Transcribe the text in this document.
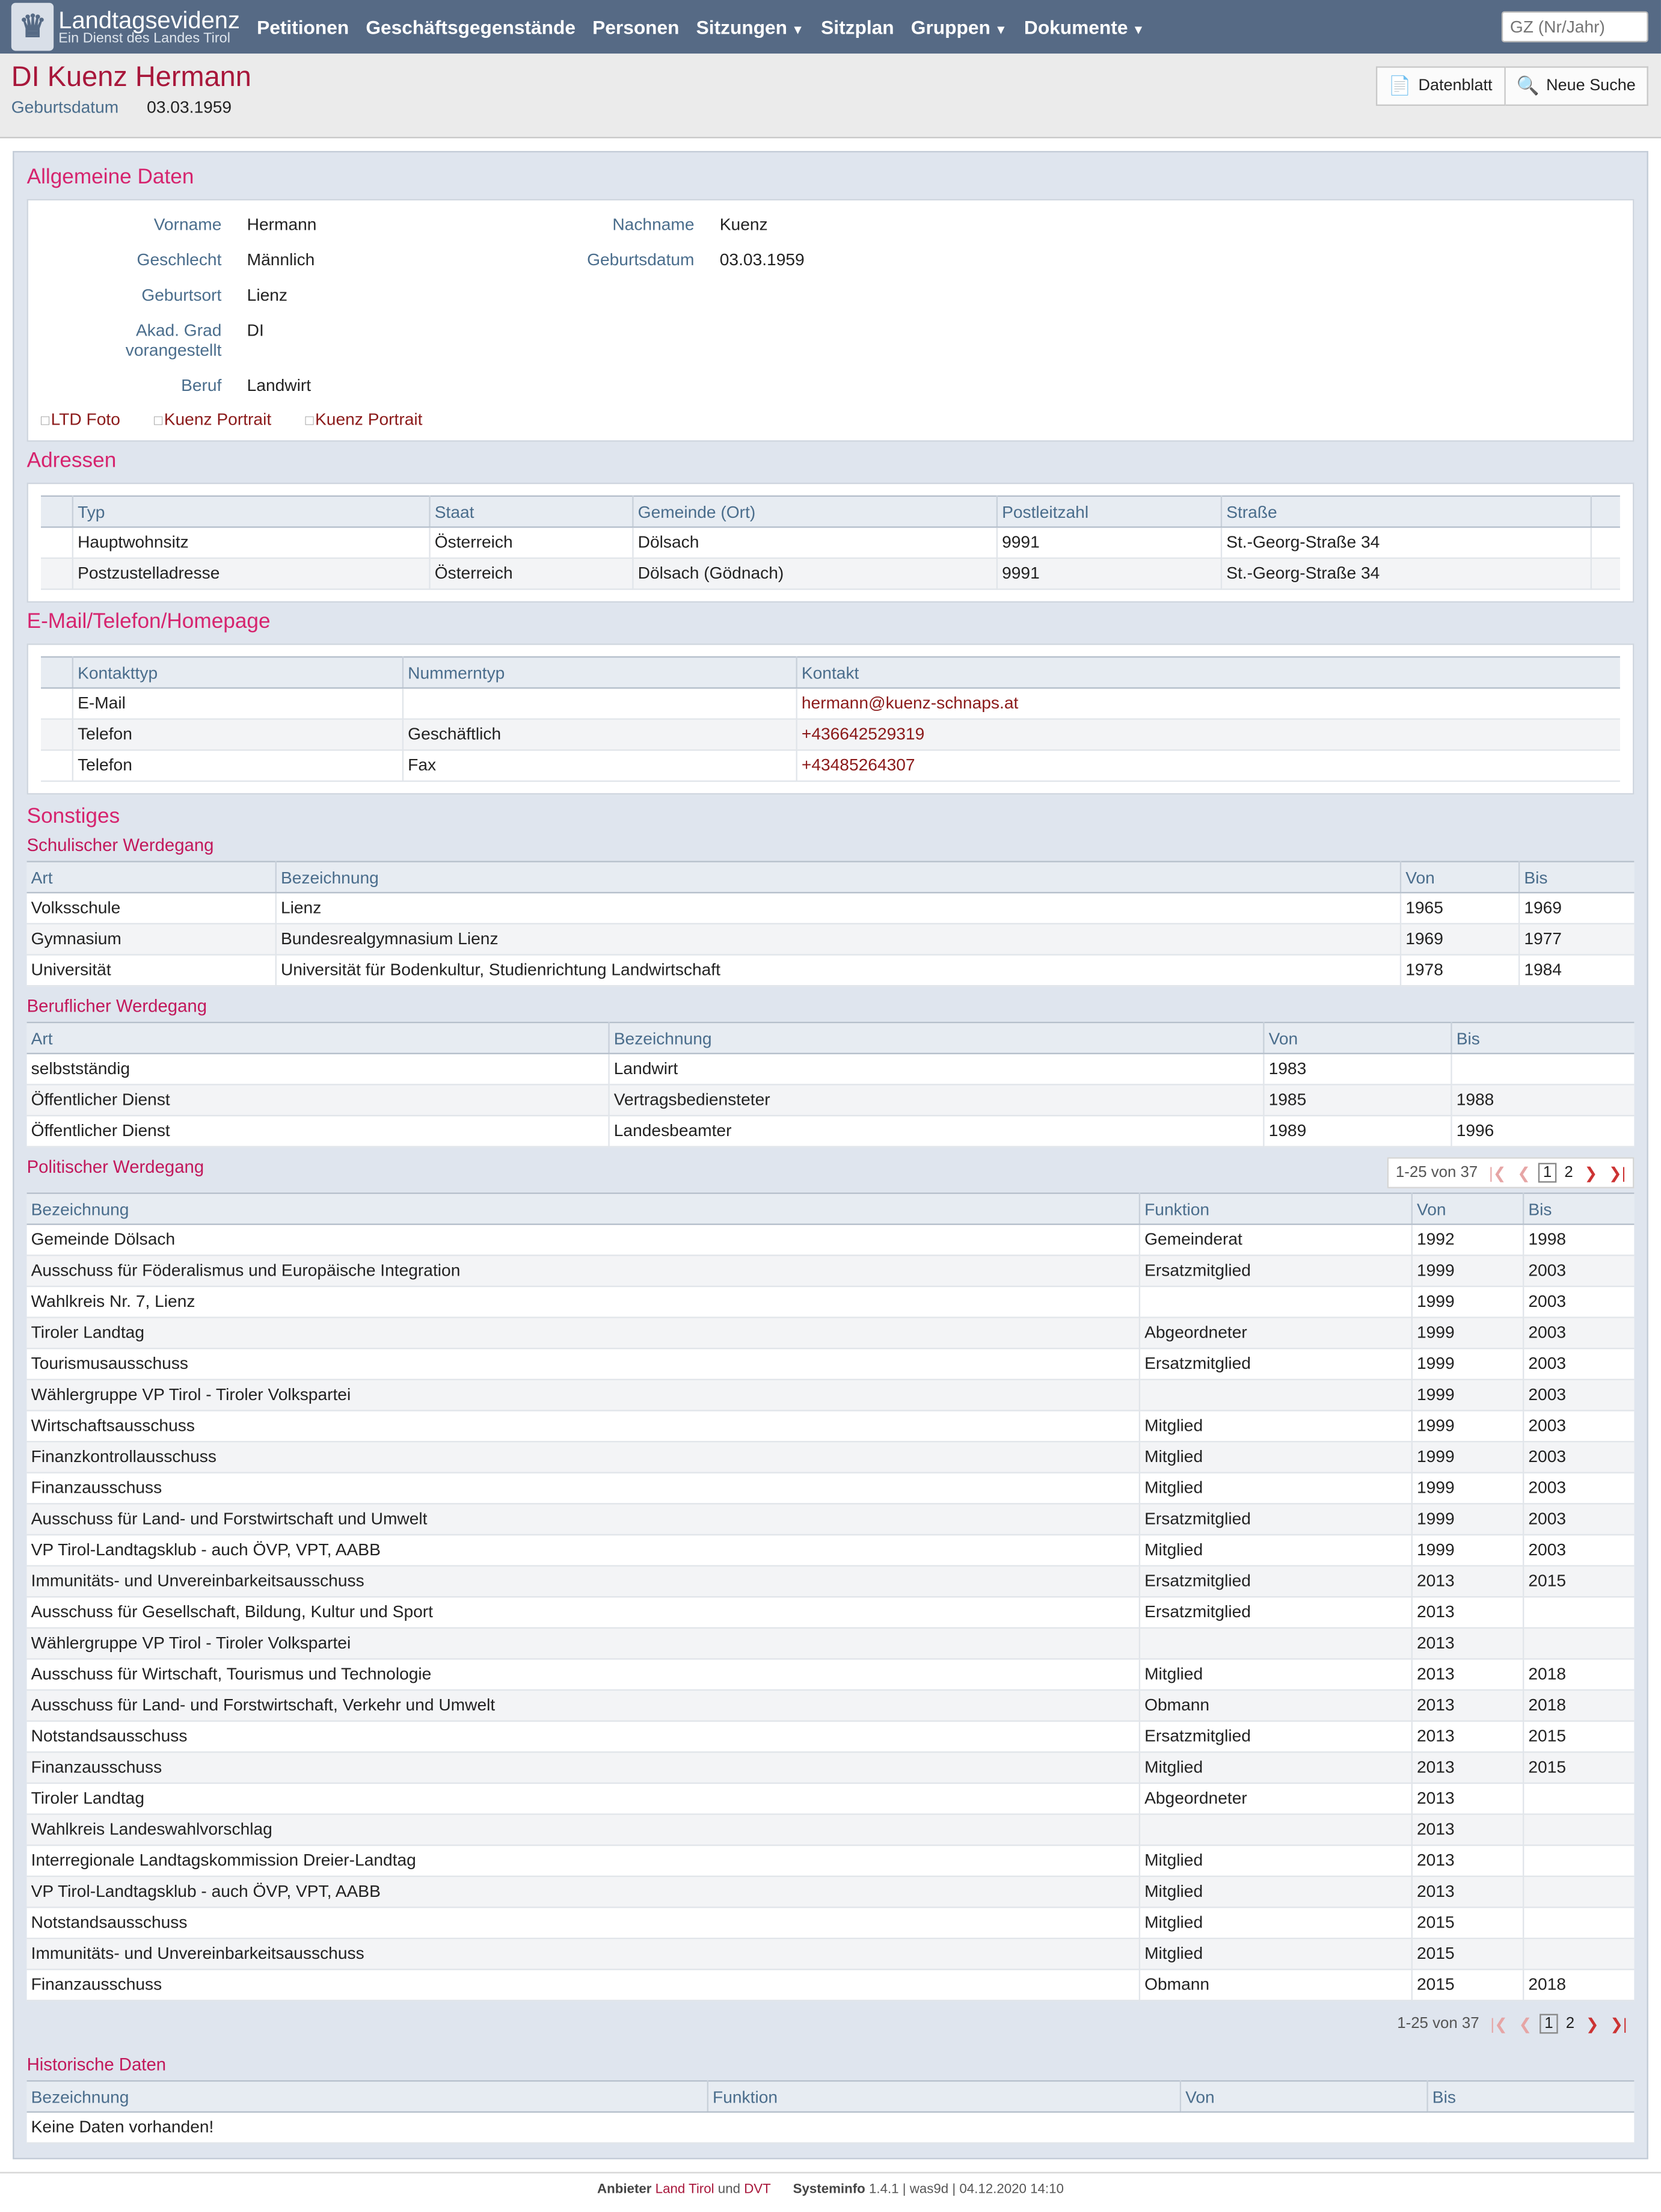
♛	Landtagsevidenz
Ein Dienst des Landes Tirol
Petitionen Geschäftsgegenstände Personen Sitzungen ▼ Sitzplan Gruppen ▼ Dokumente ▼
GZ (Nr/Jahr)
DI Kuenz Hermann
Geburtsdatum	03.03.1959
📄 Datenblatt	🔍 Neue Suche
Allgemeine Daten
Vorname	Hermann	Nachname	Kuenz
Geschlecht	Männlich	Geburtsdatum	03.03.1959
Geburtsort	Lienz
Akad. Grad vorangestellt
DI
Beruf	Landwirt
□ LTD Foto	□ Kuenz Portrait	□ Kuenz Portrait
Adressen
	Typ	Staat	Gemeinde (Ort)	Postleitzahl	Straße	
	Hauptwohnsitz	Österreich	Dölsach	9991	St.-Georg-Straße 34	
	Postzustelladresse	Österreich	Dölsach (Gödnach)	9991	St.-Georg-Straße 34	
E-Mail/Telefon/Homepage
	Kontakttyp	Nummerntyp	Kontakt
	E-Mail		hermann@kuenz-schnaps.at
	Telefon	Geschäftlich	+436642529319
	Telefon	Fax	+43485264307
Sonstiges
Schulischer Werdegang
Art	Bezeichnung	Von	Bis
Volksschule	Lienz	1965	1969
Gymnasium	Bundesrealgymnasium Lienz	1969	1977
Universität	Universität für Bodenkultur, Studienrichtung Landwirtschaft	1978	1984
Beruflicher Werdegang
Art	Bezeichnung	Von	Bis
selbstständig	Landwirt	1983	
Öffentlicher Dienst	Vertragsbediensteter	1985	1988
Öffentlicher Dienst	Landesbeamter	1989	1996
Politischer Werdegang	1-25 von 37 |❮ ❮	1	2 ❯ ❯|
Bezeichnung	Funktion	Von	Bis
Gemeinde Dölsach	Gemeinderat	1992	1998
Ausschuss für Föderalismus und Europäische Integration	Ersatzmitglied	1999	2003
Wahlkreis Nr. 7, Lienz		1999	2003
Tiroler Landtag	Abgeordneter	1999	2003
Tourismusausschuss	Ersatzmitglied	1999	2003
Wählergruppe VP Tirol - Tiroler Volkspartei		1999	2003
Wirtschaftsausschuss	Mitglied	1999	2003
Finanzkontrollausschuss	Mitglied	1999	2003
Finanzausschuss	Mitglied	1999	2003
Ausschuss für Land- und Forstwirtschaft und Umwelt	Ersatzmitglied	1999	2003
VP Tirol-Landtagsklub - auch ÖVP, VPT, AABB	Mitglied	1999	2003
Immunitäts- und Unvereinbarkeitsausschuss	Ersatzmitglied	2013	2015
Ausschuss für Gesellschaft, Bildung, Kultur und Sport	Ersatzmitglied	2013	
Wählergruppe VP Tirol - Tiroler Volkspartei		2013	
Ausschuss für Wirtschaft, Tourismus und Technologie	Mitglied	2013	2018
Ausschuss für Land- und Forstwirtschaft, Verkehr und Umwelt	Obmann	2013	2018
Notstandsausschuss	Ersatzmitglied	2013	2015
Finanzausschuss	Mitglied	2013	2015
Tiroler Landtag	Abgeordneter	2013	
Wahlkreis Landeswahlvorschlag		2013	
Interregionale Landtagskommission Dreier-Landtag	Mitglied	2013	
VP Tirol-Landtagsklub - auch ÖVP, VPT, AABB	Mitglied	2013	
Notstandsausschuss	Mitglied	2015	
Immunitäts- und Unvereinbarkeitsausschuss	Mitglied	2015	
Finanzausschuss	Obmann	2015	2018
1-25 von 37 |❮ ❮	1	2 ❯ ❯|
Historische Daten
Bezeichnung	Funktion	Von	Bis
Keine Daten vorhanden!
Anbieter Land Tirol und DVT	Systeminfo 1.4.1 | was9d | 04.12.2020 14:10
